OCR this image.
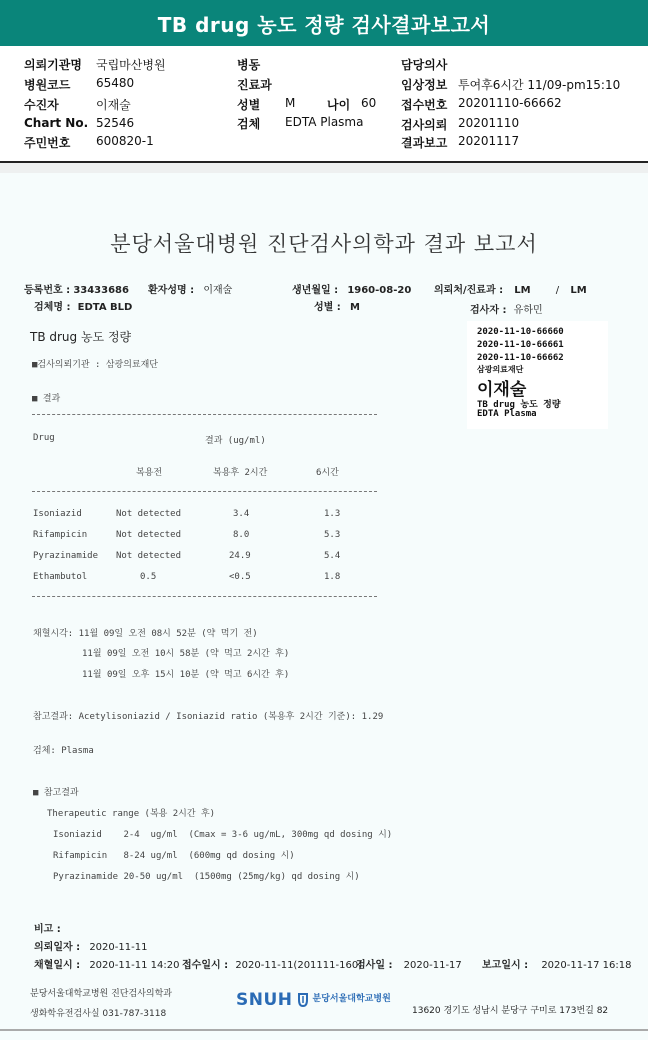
TB drug 농도 정량 검사결과보고서
의뢰기관명 국립마산병원
병원코드 65480
수진자	이재술
Chart No. 52546
주민번호 600820-1
병동
진료과
성별 M	나이 60
검체 EDTA Plasma
담당의사
임상정보 투여후6시간 11/09-pm15:10
접수번호 20201110-66662
검사의뢰 20201110
결과보고 20201117
분당서울대병원 진단검사의학과 결과 보고서
등록번호 : 33433686 환자성명 : 이재술	생년월일 : 1960-08-20 의뢰처/진료과 : LM	/ LM
검체명 : EDTA BLD	성별 : M	검사자 : 유하민
TB drug 농도 정량
■검사의뢰기관 : 삼광의료재단
■ 결과
Drug	결과 (ug/ml)
복용전	복용후 2시간	6시간
Isoniazid	Not detected	3.4	1.3
Rifampicin	Not detected	8.0	5.3
Pyrazinamide Not detected	24.9	5.4
Ethambutol	0.5	<0.5	1.8
채혈시각: 11월 09일 오전 08시 52분 (약 먹기 전)
11월 09일 오전 10시 58분 (약 먹고 2시간 후)
11월 09일 오후 15시 10분 (약 먹고 6시간 후)
참고결과: Acetylisoniazid / Isoniazid ratio (복용후 2시간 기준): 1.29
검체: Plasma
■ 참고결과
Therapeutic range (복용 2시간 후)
Isoniazid    2-4  ug/ml  (Cmax = 3-6 ug/mL, 300mg qd dosing 시)
Rifampicin   8-24 ug/ml  (600mg qd dosing 시)
Pyrazinamide 20-50 ug/ml  (1500mg (25mg/kg) qd dosing 시)
2020-11-10-66660
2020-11-10-66661
2020-11-10-66662
삼광의료재단
이재술
TB drug 농도 정량
EDTA Plasma
비고 :
의뢰일자 : 2020-11-11
채혈일시 : 2020-11-11 14:20 접수일시 : 2020-11-11(201111-160)
검사일 : 2020-11-17 보고일시 : 2020-11-17 16:18
분당서울대학교병원 진단검사의학과
생화학유전검사실 031-787-3118
SNUH 분당서울대학교병원

13620 경기도 성남시 분당구 구미로 173번길 82
